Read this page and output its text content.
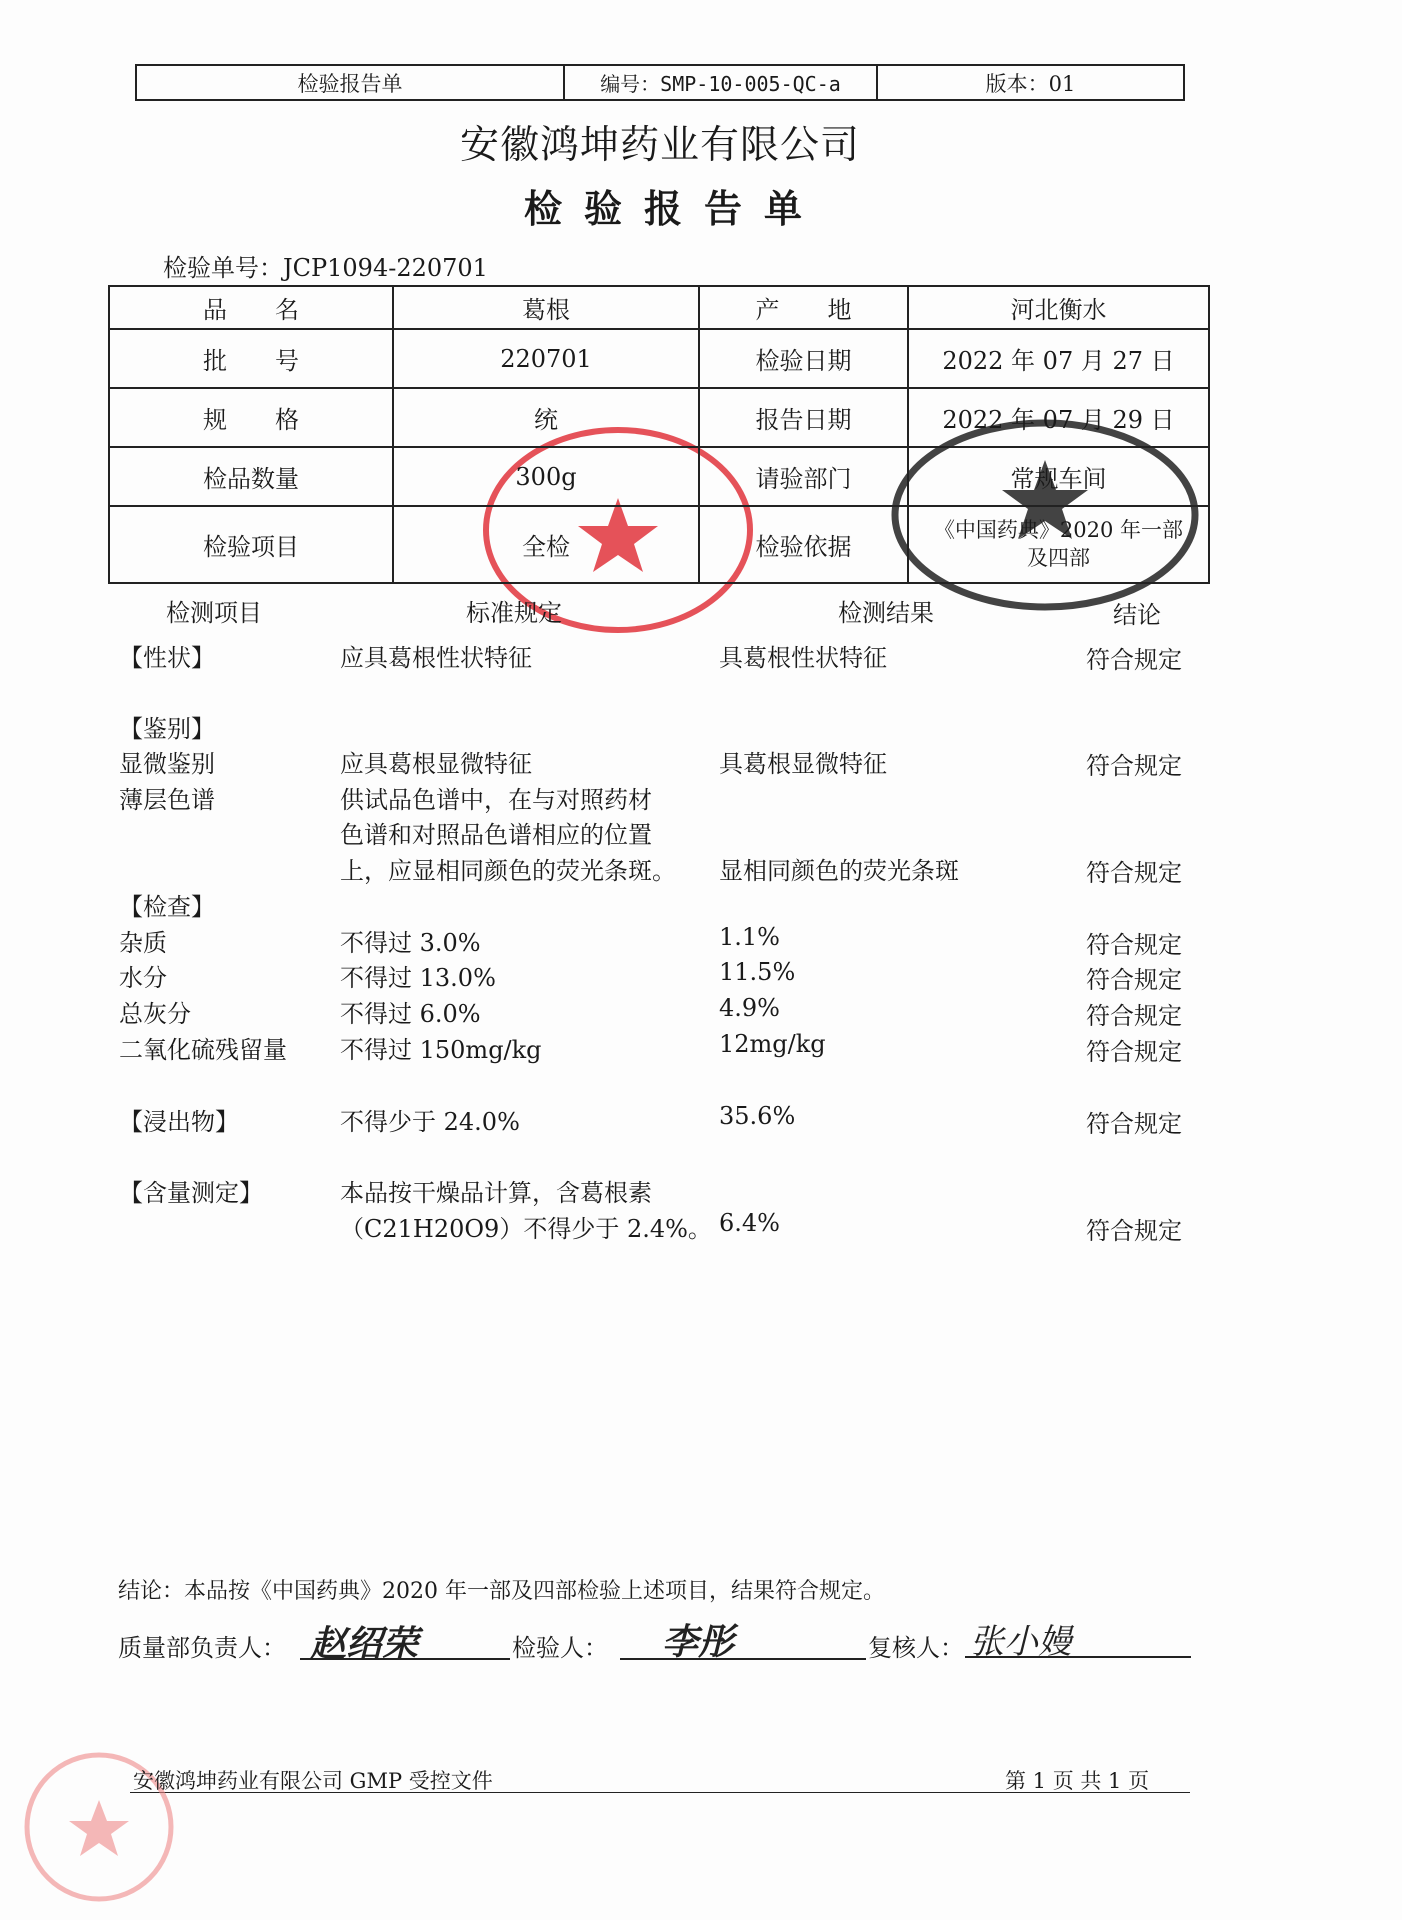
检验报告单	编号：SMP-10-005-QC-a	版本：01
安徽鸿坤药业有限公司
检验报告单
检验单号：JCP1094-220701
品　　名	葛根	产　　地	河北衡水
批　　号	220701	检验日期	2022 年 07 月 27 日
规　　格	统	报告日期	2022 年 07 月 29 日
检品数量	300g	请验部门	常规车间
检验项目	全检	检验依据	《中国药典》2020 年一部及四部
检测项目	标准规定	检测结果	结论
【性状】	应具葛根性状特征	具葛根性状特征	符合规定
【鉴别】
显微鉴别	应具葛根显微特征	具葛根显微特征	符合规定
薄层色谱	供试品色谱中，在与对照药材
色谱和对照品色谱相应的位置
上，应显相同颜色的荧光条斑。 显相同颜色的荧光条斑	符合规定
【检查】
杂质	不得过 3.0%	1.1%	符合规定
水分	不得过 13.0%	11.5%	符合规定
总灰分	不得过 6.0%	4.9%	符合规定
二氧化硫残留量 不得过 150mg/kg	12mg/kg	符合规定
【浸出物】	不得少于 24.0%	35.6%	符合规定
【含量测定】	本品按干燥品计算，含葛根素
（C21H20O9）不得少于 2.4%。 6.4%	符合规定
结论：本品按《中国药典》2020 年一部及四部检验上述项目，结果符合规定。
质量部负责人： 赵绍荣	检验人： 李彤	复核人： 张小嫚
安徽鸿坤药业有限公司 GMP 受控文件	第 1 页 共 1 页
